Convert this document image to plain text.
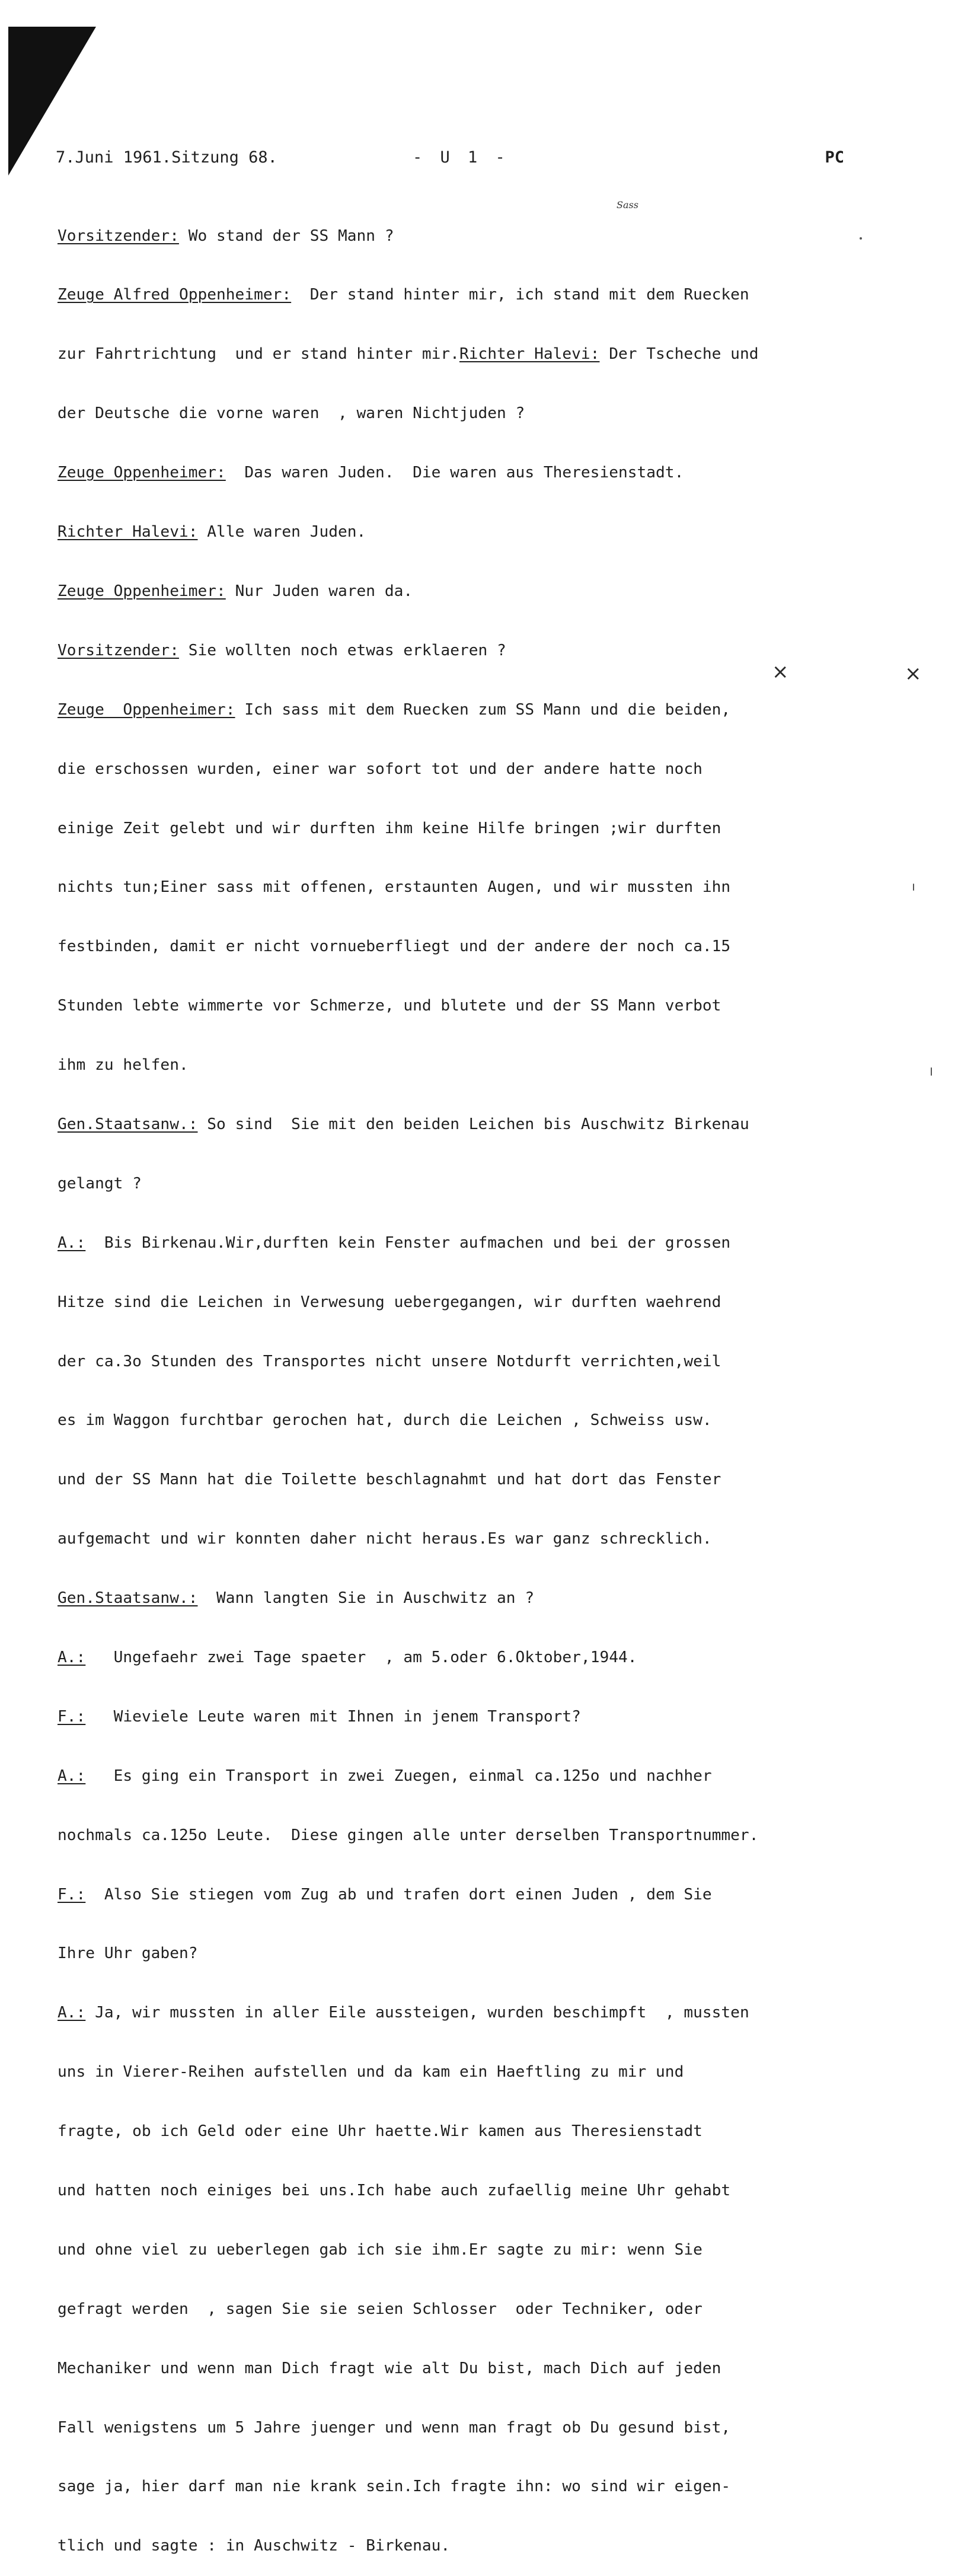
7.Juni 1961.Sitzung 68.	- U 1 -	PC
Sass

Vorsitzender: Wo stand der SS Mann ?

Zeuge Alfred Oppenheimer:  Der stand hinter mir, ich stand mit dem Ruecken

zur Fahrtrichtung  und er stand hinter mir.Richter Halevi: Der Tscheche und

der Deutsche die vorne waren  , waren Nichtjuden ?

Zeuge Oppenheimer:  Das waren Juden.  Die waren aus Theresienstadt.

Richter Halevi: Alle waren Juden.

Zeuge Oppenheimer: Nur Juden waren da.

Vorsitzender: Sie wollten noch etwas erklaeren ?

Zeuge  Oppenheimer: Ich sass mit dem Ruecken zum SS Mann und die beiden,

die erschossen wurden, einer war sofort tot und der andere hatte noch

einige Zeit gelebt und wir durften ihm keine Hilfe bringen ;wir durften

nichts tun;Einer sass mit offenen, erstaunten Augen, und wir mussten ihn

festbinden, damit er nicht vornueberfliegt und der andere der noch ca.15

Stunden lebte wimmerte vor Schmerze, und blutete und der SS Mann verbot

ihm zu helfen.

Gen.Staatsanw.: So sind  Sie mit den beiden Leichen bis Auschwitz Birkenau

gelangt ?

A.:  Bis Birkenau.Wir,durften kein Fenster aufmachen und bei der grossen

Hitze sind die Leichen in Verwesung uebergegangen, wir durften waehrend

der ca.3o Stunden des Transportes nicht unsere Notdurft verrichten,weil

es im Waggon furchtbar gerochen hat, durch die Leichen , Schweiss usw.

und der SS Mann hat die Toilette beschlagnahmt und hat dort das Fenster

aufgemacht und wir konnten daher nicht heraus.Es war ganz schrecklich.

Gen.Staatsanw.:  Wann langten Sie in Auschwitz an ?

A.:   Ungefaehr zwei Tage spaeter  , am 5.oder 6.Oktober,1944.

F.:   Wieviele Leute waren mit Ihnen in jenem Transport?

A.:   Es ging ein Transport in zwei Zuegen, einmal ca.125o und nachher

nochmals ca.125o Leute.  Diese gingen alle unter derselben Transportnummer.

F.:  Also Sie stiegen vom Zug ab und trafen dort einen Juden , dem Sie

Ihre Uhr gaben?

A.: Ja, wir mussten in aller Eile aussteigen, wurden beschimpft  , mussten

uns in Vierer-Reihen aufstellen und da kam ein Haeftling zu mir und

fragte, ob ich Geld oder eine Uhr haette.Wir kamen aus Theresienstadt

und hatten noch einiges bei uns.Ich habe auch zufaellig meine Uhr gehabt

und ohne viel zu ueberlegen gab ich sie ihm.Er sagte zu mir: wenn Sie

gefragt werden  , sagen Sie sie seien Schlosser  oder Techniker, oder

Mechaniker und wenn man Dich fragt wie alt Du bist, mach Dich auf jeden

Fall wenigstens um 5 Jahre juenger und wenn man fragt ob Du gesund bist,

sage ja, hier darf man nie krank sein.Ich fragte ihn: wo sind wir eigen-

tlich und sagte : in Auschwitz - Birkenau.

×	×
